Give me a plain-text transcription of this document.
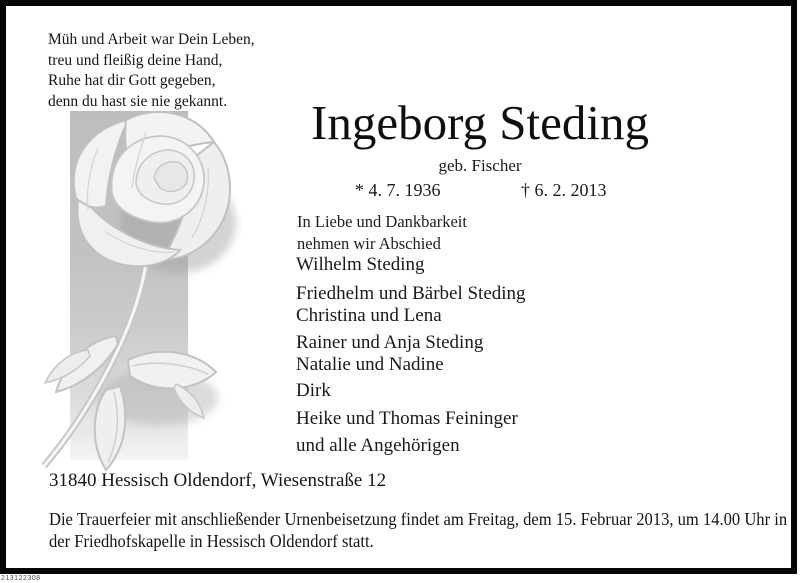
Müh und Arbeit war Dein Leben,
treu und fleißig deine Hand,
Ruhe hat dir Gott gegeben,
denn du hast sie nie gekannt.	Ingeborg Steding
geb. Fischer
* 4. 7. 1936	† 6. 2. 2013
In Liebe und Dankbarkeit
nehmen wir Abschied
Wilhelm Steding
Friedhelm und Bärbel Steding
Christina und Lena
Rainer und Anja Steding
Natalie und Nadine
Dirk
Heike und Thomas Feininger
und alle Angehörigen
31840 Hessisch Oldendorf, Wiesenstraße 12
Die Trauerfeier mit anschließender Urnenbeisetzung findet am Freitag, dem 15. Februar 2013, um 14.00 Uhr in
der Friedhofskapelle in Hessisch Oldendorf statt.
213122308
